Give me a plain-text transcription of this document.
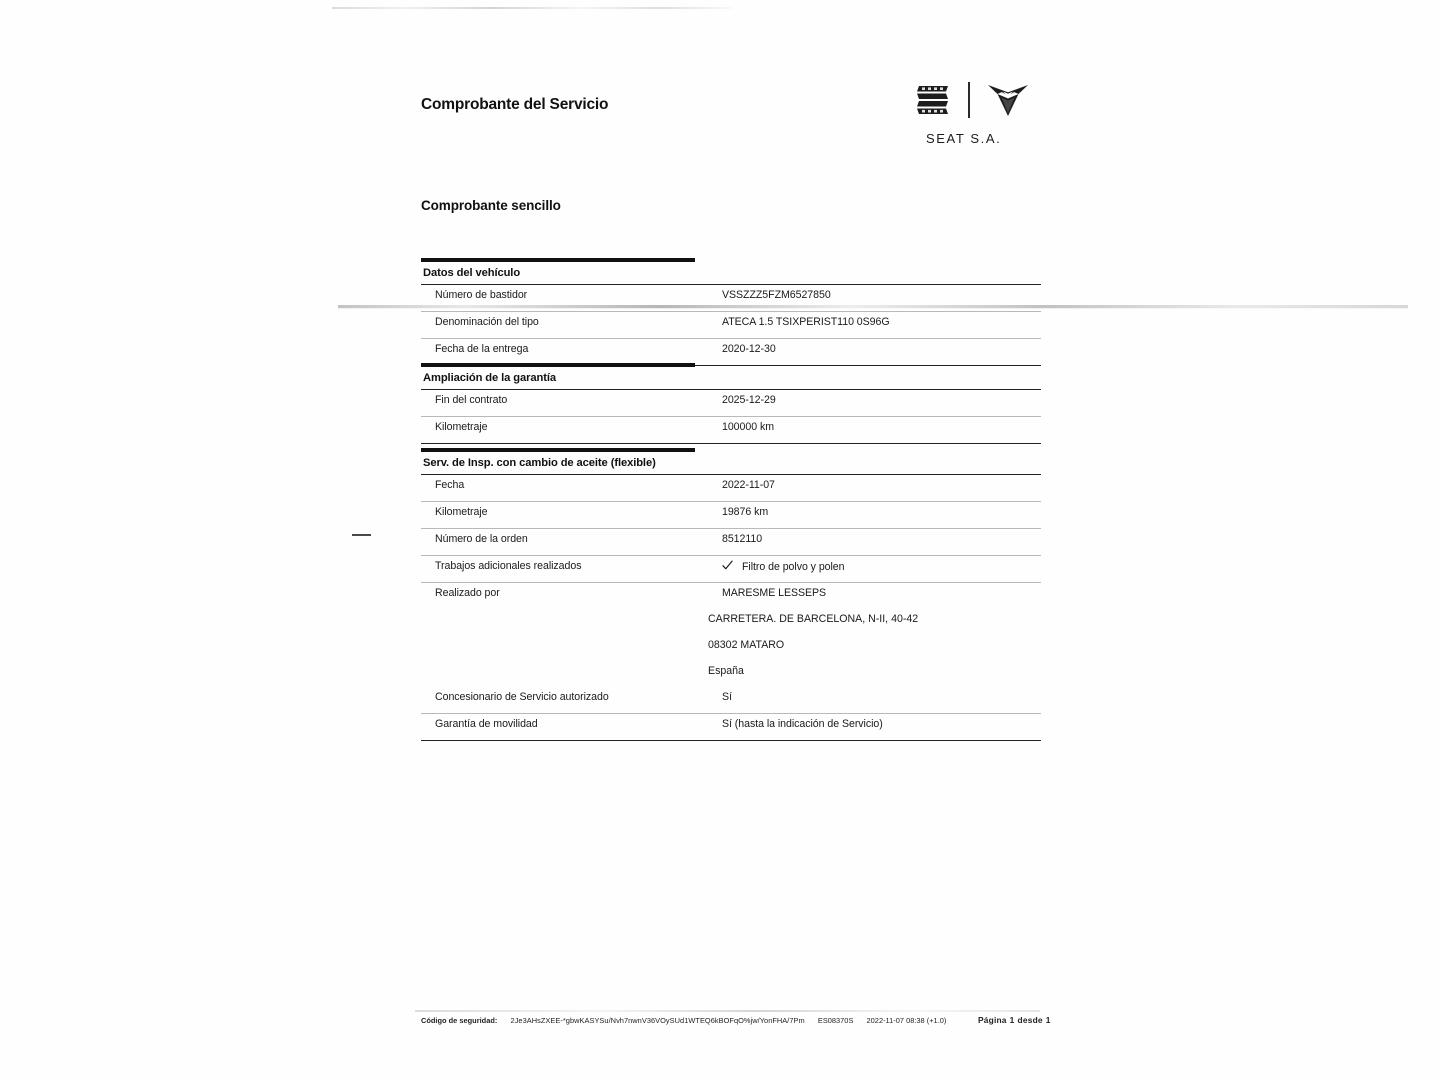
Comprobante del Servicio
SEAT S.A.
Comprobante sencillo
Datos del vehículo
Número de bastidor	VSSZZZ5FZM6527850
Denominación del tipo	ATECA 1.5 TSIXPERIST110 0S96G
Fecha de la entrega	2020-12-30
Ampliación de la garantía
Fin del contrato	2025-12-29
Kilometraje	100000 km
Serv. de Insp. con cambio de aceite (flexible)
Fecha	2022-11-07
Kilometraje	19876 km
Número de la orden	8512110
Trabajos adicionales realizados	Filtro de polvo y polen
Realizado por	MARESME LESSEPS
CARRETERA. DE BARCELONA, N-II, 40-42
08302 MATARO
España
Concesionario de Servicio autorizado	Sí
Garantía de movilidad	Sí (hasta la indicación de Servicio)
Código de seguridad: 2Je3AHsZXEE-*gbwKASYSu/Nvh7nwnV36VOySUd1WTEQ6kBOFqO%jw/YonFHA/7Pm ES08370S 2022-11-07 08:38 (+1.0)	Página 1 desde 1
